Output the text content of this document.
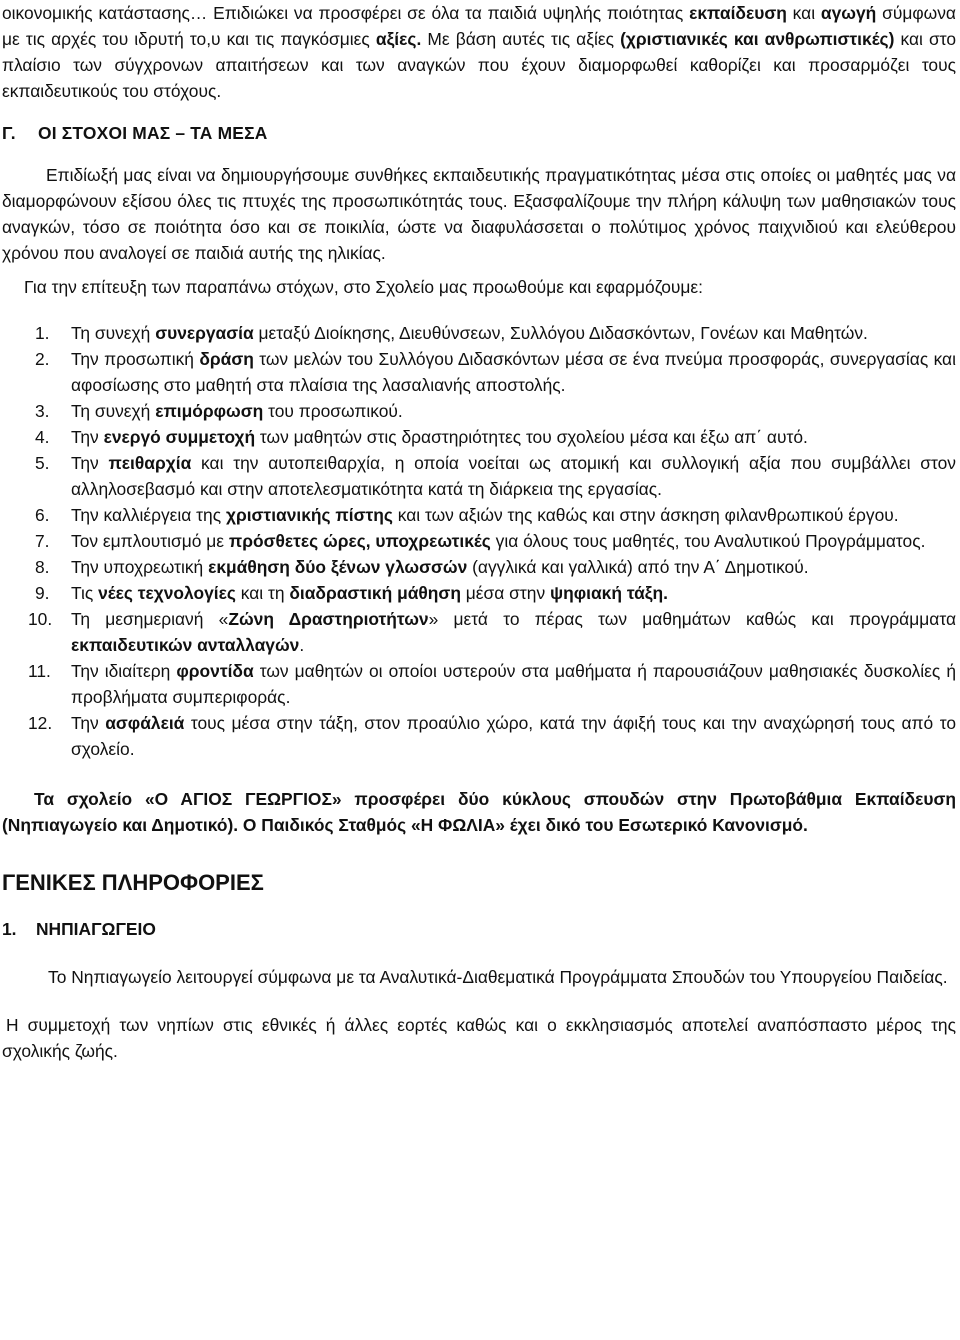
οικονομικής κατάστασης… Επιδιώκει να προσφέρει σε όλα τα παιδιά υψηλής ποιότητας εκπαίδευση και αγωγή σύμφωνα με τις αρχές του ιδρυτή το,υ και τις παγκόσμιες αξίες. Με βάση αυτές τις αξίες (χριστιανικές και ανθρωπιστικές) και στο πλαίσιο των σύγχρονων απαιτήσεων και των αναγκών που έχουν διαμορφωθεί καθορίζει και προσαρμόζει τους εκπαιδευτικούς του στόχους.

Γ. ΟΙ ΣΤΟΧΟΙ ΜΑΣ – ΤΑ ΜΕΣΑ

Επιδίωξή μας είναι να δημιουργήσουμε συνθήκες εκπαιδευτικής πραγματικότητας μέσα στις οποίες οι μαθητές μας να διαμορφώνουν εξίσου όλες τις πτυχές της προσωπικότητάς τους. Εξασφαλίζουμε την πλήρη κάλυψη των μαθησιακών τους αναγκών, τόσο σε ποιότητα όσο και σε ποικιλία, ώστε να διαφυλάσσεται ο πολύτιμος χρόνος παιχνιδιού και ελεύθερου χρόνου που αναλογεί σε παιδιά αυτής της ηλικίας.

Για την επίτευξη των παραπάνω στόχων, στο Σχολείο μας προωθούμε και εφαρμόζουμε:

1. Τη συνεχή συνεργασία μεταξύ Διοίκησης, Διευθύνσεων, Συλλόγου Διδασκόντων, Γονέων και Μαθητών.
2. Την προσωπική δράση των μελών του Συλλόγου Διδασκόντων μέσα σε ένα πνεύμα προσφοράς, συνεργασίας και αφοσίωσης στο μαθητή στα πλαίσια της λασαλιανής αποστολής.
3. Τη συνεχή επιμόρφωση του προσωπικού.
4. Την ενεργό συμμετοχή των μαθητών στις δραστηριότητες του σχολείου μέσα και έξω απ΄ αυτό.
5. Την πειθαρχία και την αυτοπειθαρχία, η οποία νοείται ως ατομική και συλλογική αξία που συμβάλλει στον αλληλοσεβασμό και στην αποτελεσματικότητα κατά τη διάρκεια της εργασίας.
6. Την καλλιέργεια της χριστιανικής πίστης και των αξιών της καθώς και στην άσκηση φιλανθρωπικού έργου.
7. Τον εμπλουτισμό με πρόσθετες ώρες, υποχρεωτικές για όλους τους μαθητές, του Αναλυτικού Προγράμματος.
8. Την υποχρεωτική εκμάθηση δύο ξένων γλωσσών (αγγλικά και γαλλικά) από την Α΄ Δημοτικού.
9. Τις νέες τεχνολογίες και τη διαδραστική μάθηση μέσα στην ψηφιακή τάξη.
10. Τη μεσημεριανή «Ζώνη Δραστηριοτήτων» μετά το πέρας των μαθημάτων καθώς και προγράμματα εκπαιδευτικών ανταλλαγών.
11. Την ιδιαίτερη φροντίδα των μαθητών οι οποίοι υστερούν στα μαθήματα ή παρουσιάζουν μαθησιακές δυσκολίες ή προβλήματα συμπεριφοράς.
12. Την ασφάλειά τους μέσα στην τάξη, στον προαύλιο χώρο, κατά την άφιξή τους και την αναχώρησή τους από το σχολείο.

Τα σχολείο «Ο ΑΓΙΟΣ ΓΕΩΡΓΙΟΣ» προσφέρει δύο κύκλους σπουδών στην Πρωτοβάθμια Εκπαίδευση (Νηπιαγωγείο και Δημοτικό). Ο Παιδικός Σταθμός «Η ΦΩΛΙΑ» έχει δικό του Εσωτερικό Κανονισμό.

ΓΕΝΙΚΕΣ ΠΛΗΡΟΦΟΡΙΕΣ
1. ΝΗΠΙΑΓΩΓΕΙΟ

Το Νηπιαγωγείο λειτουργεί σύμφωνα με τα Αναλυτικά-Διαθεματικά Προγράμματα Σπουδών του Υπουργείου Παιδείας.

Η συμμετοχή των νηπίων στις εθνικές ή άλλες εορτές καθώς και ο εκκλησιασμός αποτελεί αναπόσπαστο μέρος της σχολικής ζωής.
